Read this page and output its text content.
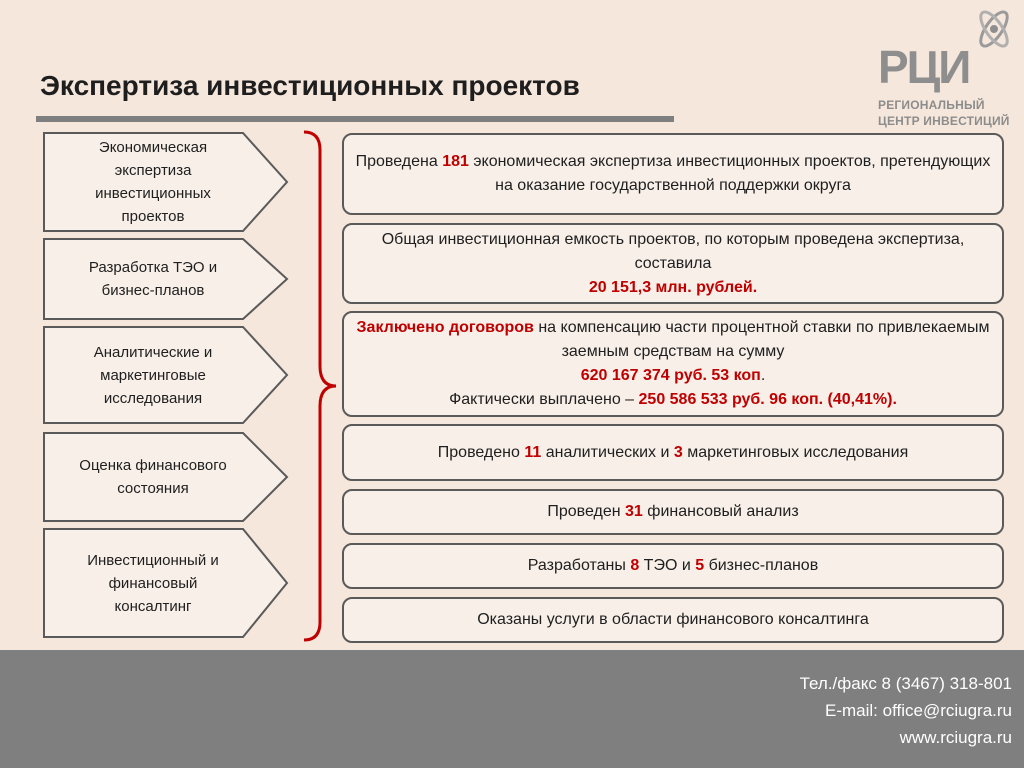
Экспертиза инвестиционных проектов	РЦИ
РЕГИОНАЛЬНЫЙ
ЦЕНТР ИНВЕСТИЦИЙ
Экономическая
экспертиза
инвестиционных
проектов
Разработка ТЭО и
бизнес-планов
Аналитические и
маркетинговые
исследования
Оценка финансового
состояния
Инвестиционный и
финансовый
консалтинг
Проведена 181 экономическая экспертиза инвестиционных проектов, претендующих на оказание государственной поддержки округа
Общая инвестиционная емкость проектов, по которым проведена экспертиза, составила
20 151,3 млн. рублей.
Заключено договоров на компенсацию части процентной ставки по привлекаемым заемным средствам на сумму
620 167 374 руб. 53 коп.
Фактически выплачено – 250 586 533 руб. 96 коп. (40,41%).
Проведено 11 аналитических и 3 маркетинговых исследования
Проведен 31 финансовый анализ
Разработаны 8 ТЭО и 5 бизнес-планов
Оказаны услуги в области финансового консалтинга
Тел./факс 8 (3467) 318-801
E-mail: office@rciugra.ru
www.rciugra.ru
